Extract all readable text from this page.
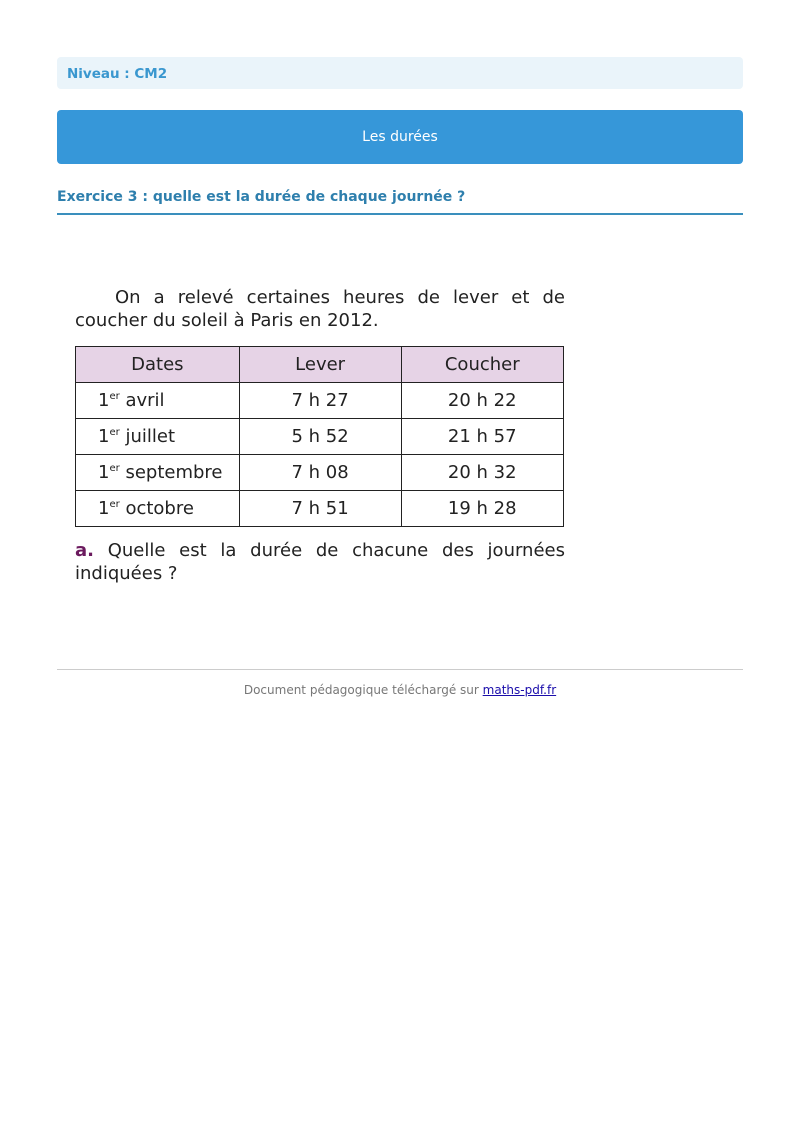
Niveau : CM2
Les durées
Exercice 3 : quelle est la durée de chaque journée ?

On a relevé certaines heures de lever et de coucher du soleil à Paris en 2012.

Dates	Lever	Coucher
1er avril	7 h 27	20 h 22
1er juillet	5 h 52	21 h 57
1er septembre	7 h 08	20 h 32
1er octobre	7 h 51	19 h 28

a. Quelle est la durée de chacune des journées indiquées ?

Document pédagogique téléchargé sur maths-pdf.fr
